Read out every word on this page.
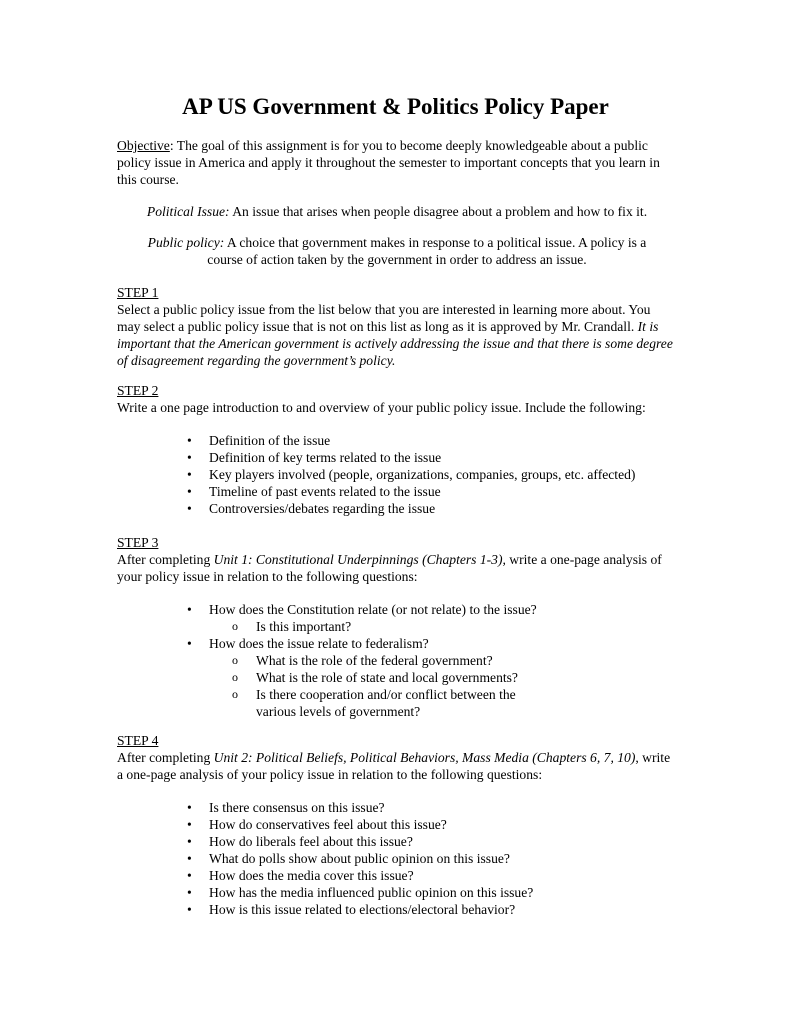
AP US Government & Politics Policy Paper
Objective: The goal of this assignment is for you to become deeply knowledgeable about a public policy issue in America and apply it throughout the semester to important concepts that you learn in this course.
Political Issue: An issue that arises when people disagree about a problem and how to fix it.
Public policy: A choice that government makes in response to a political issue. A policy is a
course of action taken by the government in order to address an issue.
STEP 1
Select a public policy issue from the list below that you are interested in learning more about. You may select a public policy issue that is not on this list as long as it is approved by Mr. Crandall. It is important that the American government is actively addressing the issue and that there is some degree of disagreement regarding the government’s policy.
STEP 2
Write a one page introduction to and overview of your public policy issue. Include the following:
• Definition of the issue
• Definition of key terms related to the issue
• Key players involved (people, organizations, companies, groups, etc. affected)
• Timeline of past events related to the issue
• Controversies/debates regarding the issue
STEP 3
After completing Unit 1: Constitutional Underpinnings (Chapters 1-3), write a one-page analysis of your policy issue in relation to the following questions:
• How does the Constitution relate (or not relate) to the issue?
o Is this important?
• How does the issue relate to federalism?
o What is the role of the federal government?
o What is the role of state and local governments?
o Is there cooperation and/or conflict between the various levels of government?
STEP 4
After completing Unit 2: Political Beliefs, Political Behaviors, Mass Media (Chapters 6, 7, 10), write a one-page analysis of your policy issue in relation to the following questions:
• Is there consensus on this issue?
• How do conservatives feel about this issue?
• How do liberals feel about this issue?
• What do polls show about public opinion on this issue?
• How does the media cover this issue?
• How has the media influenced public opinion on this issue?
• How is this issue related to elections/electoral behavior?
